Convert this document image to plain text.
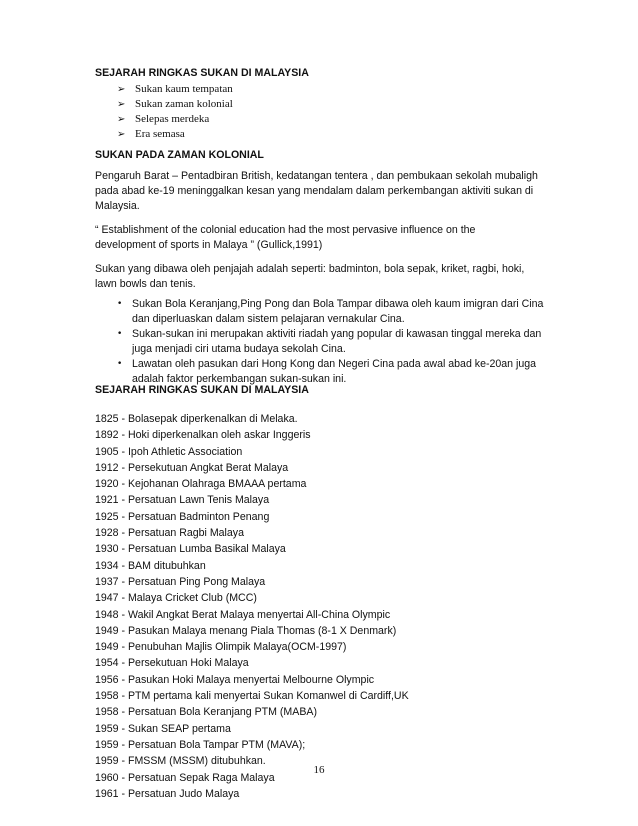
SEJARAH RINGKAS SUKAN DI MALAYSIA
➢ Sukan kaum tempatan
➢ Sukan zaman kolonial
➢ Selepas merdeka
➢ Era semasa
SUKAN PADA ZAMAN KOLONIAL
Pengaruh Barat – Pentadbiran British, kedatangan tentera , dan pembukaan sekolah mubaligh pada abad ke-19 meninggalkan kesan yang mendalam dalam perkembangan aktiviti sukan di Malaysia.
“ Establishment of the colonial education had the most pervasive influence on the development of sports in Malaya ” (Gullick,1991)
Sukan yang dibawa oleh penjajah adalah seperti: badminton, bola sepak, kriket, ragbi, hoki, lawn bowls dan tenis.
• Sukan Bola Keranjang,Ping Pong dan Bola Tampar dibawa oleh kaum imigran dari Cina dan diperluaskan dalam sistem pelajaran vernakular Cina.
• Sukan-sukan ini merupakan aktiviti riadah yang popular di kawasan tinggal mereka dan juga menjadi ciri utama budaya sekolah Cina.
• Lawatan oleh pasukan dari Hong Kong dan Negeri Cina pada awal abad ke-20an juga adalah faktor perkembangan sukan-sukan ini.
SEJARAH RINGKAS SUKAN DI MALAYSIA
1825 - Bolasepak diperkenalkan di Melaka.
1892 - Hoki diperkenalkan oleh askar Inggeris
1905 - Ipoh Athletic Association
1912 - Persekutuan Angkat Berat Malaya
1920 - Kejohanan Olahraga BMAAA pertama
1921 - Persatuan Lawn Tenis Malaya
1925 - Persatuan Badminton Penang
1928 - Persatuan Ragbi Malaya
1930 - Persatuan Lumba Basikal Malaya
1934 - BAM ditubuhkan
1937 - Persatuan Ping Pong Malaya
1947 - Malaya Cricket Club (MCC)
1948 - Wakil Angkat Berat Malaya menyertai All-China Olympic
1949 - Pasukan Malaya menang Piala Thomas (8-1 X Denmark)
1949 - Penubuhan Majlis Olimpik Malaya(OCM-1997)
1954 - Persekutuan Hoki Malaya
1956 - Pasukan Hoki Malaya menyertai Melbourne Olympic
1958 - PTM pertama kali menyertai Sukan Komanwel di Cardiff,UK
1958 - Persatuan Bola Keranjang PTM (MABA)
1959 - Sukan SEAP pertama
1959 - Persatuan Bola Tampar PTM (MAVA);
1959 - FMSSM (MSSM) ditubuhkan.
1960 - Persatuan Sepak Raga Malaya
1961 - Persatuan Judo Malaya
16
